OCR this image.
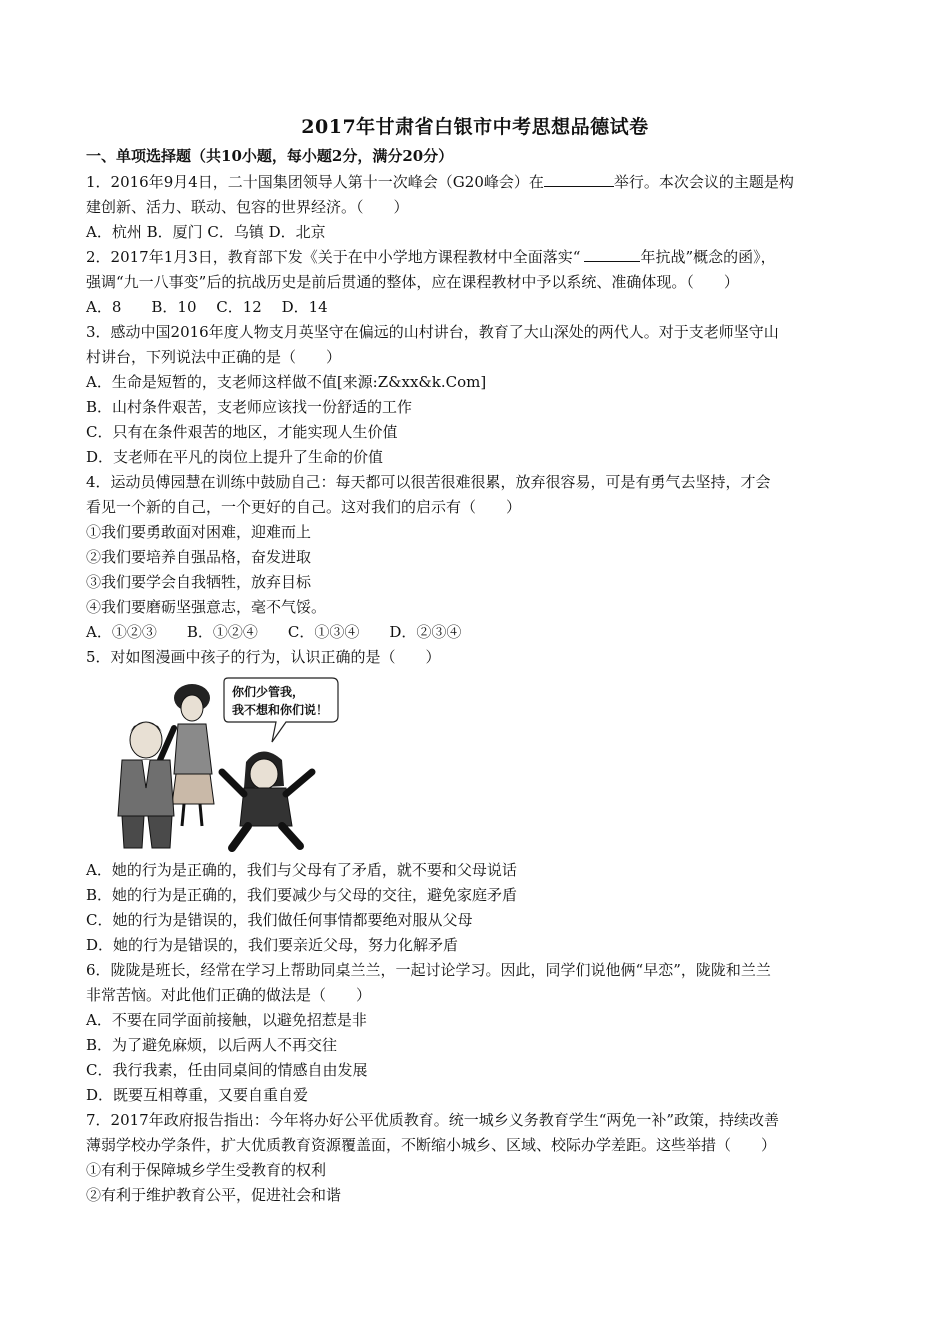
2017年甘肃省白银市中考思想品德试卷
一、单项选择题（共10小题，每小题2分，满分20分）
1．2016年9月4日，二十国集团领导人第十一次峰会（G20峰会）在	举行。本次会议的主题是构
建创新、活力、联动、包容的世界经济。（　　）
A．杭州 B．厦门 C．乌镇 D．北京
2．2017年1月3日，教育部下发《关于在中小学地方课程教材中全面落实“	年抗战”概念的函》，
强调“九一八事变”后的抗战历史是前后贯通的整体，应在课程教材中予以系统、准确体现。（　　）
A．8　　B．10　 C．12　 D．14
3．感动中国2016年度人物支月英坚守在偏远的山村讲台，教育了大山深处的两代人。对于支老师坚守山
村讲台，下列说法中正确的是（　　）
A．生命是短暂的，支老师这样做不值[来源:Z&xx&k.Com]
B．山村条件艰苦，支老师应该找一份舒适的工作
C．只有在条件艰苦的地区，才能实现人生价值
D．支老师在平凡的岗位上提升了生命的价值
4．运动员傅园慧在训练中鼓励自己：每天都可以很苦很难很累，放弃很容易，可是有勇气去坚持，才会
看见一个新的自己，一个更好的自己。这对我们的启示有（　　）
①我们要勇敢面对困难，迎难而上
②我们要培养自强品格，奋发进取
③我们要学会自我牺牲，放弃目标
④我们要磨砺坚强意志，毫不气馁。
A．①②③　　B．①②④　　C．①③④　　D．②③④
5．对如图漫画中孩子的行为，认识正确的是（　　）
你们少管我，
我不想和你们说！
A．她的行为是正确的，我们与父母有了矛盾，就不要和父母说话
B．她的行为是正确的，我们要减少与父母的交往，避免家庭矛盾
C．她的行为是错误的，我们做任何事情都要绝对服从父母
D．她的行为是错误的，我们要亲近父母，努力化解矛盾
6．陇陇是班长，经常在学习上帮助同桌兰兰，一起讨论学习。因此，同学们说他俩“早恋”，陇陇和兰兰
非常苦恼。对此他们正确的做法是（　　）
A．不要在同学面前接触，以避免招惹是非
B．为了避免麻烦，以后两人不再交往
C．我行我素，任由同桌间的情感自由发展
D．既要互相尊重，又要自重自爱
7．2017年政府报告指出：今年将办好公平优质教育。统一城乡义务教育学生“两免一补”政策，持续改善
薄弱学校办学条件，扩大优质教育资源覆盖面，不断缩小城乡、区域、校际办学差距。这些举措（　　）
①有利于保障城乡学生受教育的权利
②有利于维护教育公平，促进社会和谐
